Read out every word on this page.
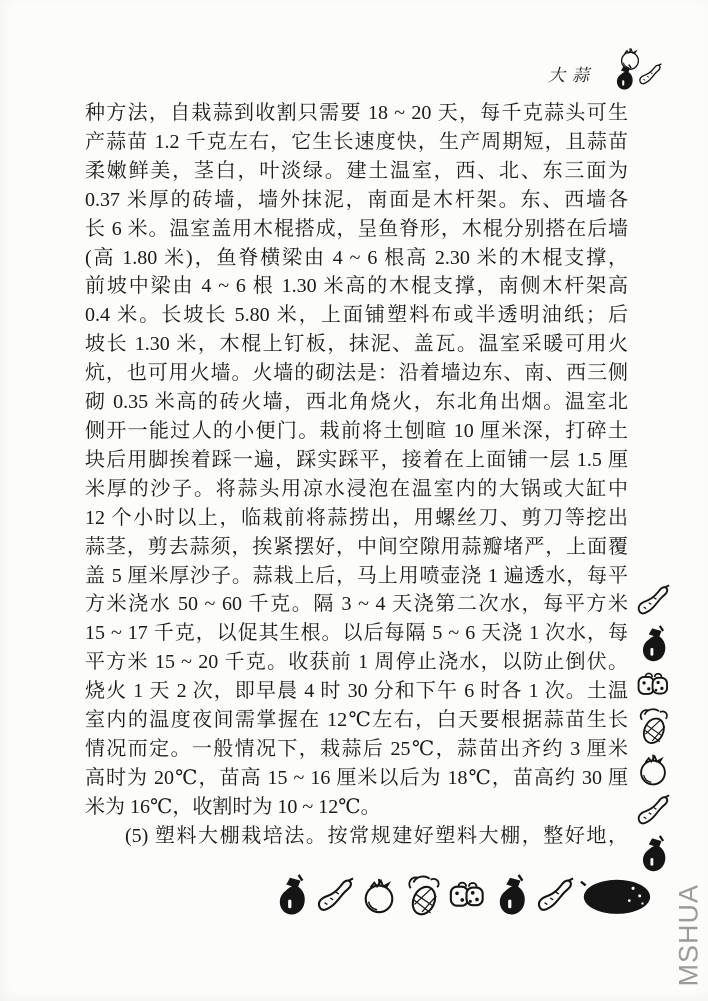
大蒜
种方法，自栽蒜到收割只需要 18 ~ 20 天，每千克蒜头可生
产蒜苗 1.2 千克左右，它生长速度快，生产周期短，且蒜苗
柔嫩鲜美，茎白，叶淡绿。建土温室，西、北、东三面为
0.37 米厚的砖墙，墙外抹泥，南面是木杆架。东、西墙各
长 6 米。温室盖用木棍搭成，呈鱼脊形，木棍分别搭在后墙
(高 1.80 米)，鱼脊横梁由 4 ~ 6 根高 2.30 米的木棍支撑，
前坡中梁由 4 ~ 6 根 1.30 米高的木棍支撑，南侧木杆架高
0.4 米。长坡长 5.80 米，上面铺塑料布或半透明油纸；后
坡长 1.30 米，木棍上钉板，抹泥、盖瓦。温室采暖可用火
炕，也可用火墙。火墙的砌法是：沿着墙边东、南、西三侧
砌 0.35 米高的砖火墙，西北角烧火，东北角出烟。温室北
侧开一能过人的小便门。栽前将土刨暄 10 厘米深，打碎土
块后用脚挨着踩一遍，踩实踩平，接着在上面铺一层 1.5 厘
米厚的沙子。将蒜头用凉水浸泡在温室内的大锅或大缸中
12 个小时以上，临栽前将蒜捞出，用螺丝刀、剪刀等挖出
蒜茎，剪去蒜须，挨紧摆好，中间空隙用蒜瓣堵严，上面覆
盖 5 厘米厚沙子。蒜栽上后，马上用喷壶浇 1 遍透水，每平
方米浇水 50 ~ 60 千克。隔 3 ~ 4 天浇第二次水，每平方米
15 ~ 17 千克，以促其生根。以后每隔 5 ~ 6 天浇 1 次水，每
平方米 15 ~ 20 千克。收获前 1 周停止浇水，以防止倒伏。
烧火 1 天 2 次，即早晨 4 时 30 分和下午 6 时各 1 次。土温
室内的温度夜间需掌握在 12℃左右，白天要根据蒜苗生长
情况而定。一般情况下，栽蒜后 25℃，蒜苗出齐约 3 厘米
高时为 20℃，苗高 15 ~ 16 厘米以后为 18℃，苗高约 30 厘
米为 16℃，收割时为 10 ~ 12℃。
(5) 塑料大棚栽培法。按常规建好塑料大棚，整好地，
MSHUA
